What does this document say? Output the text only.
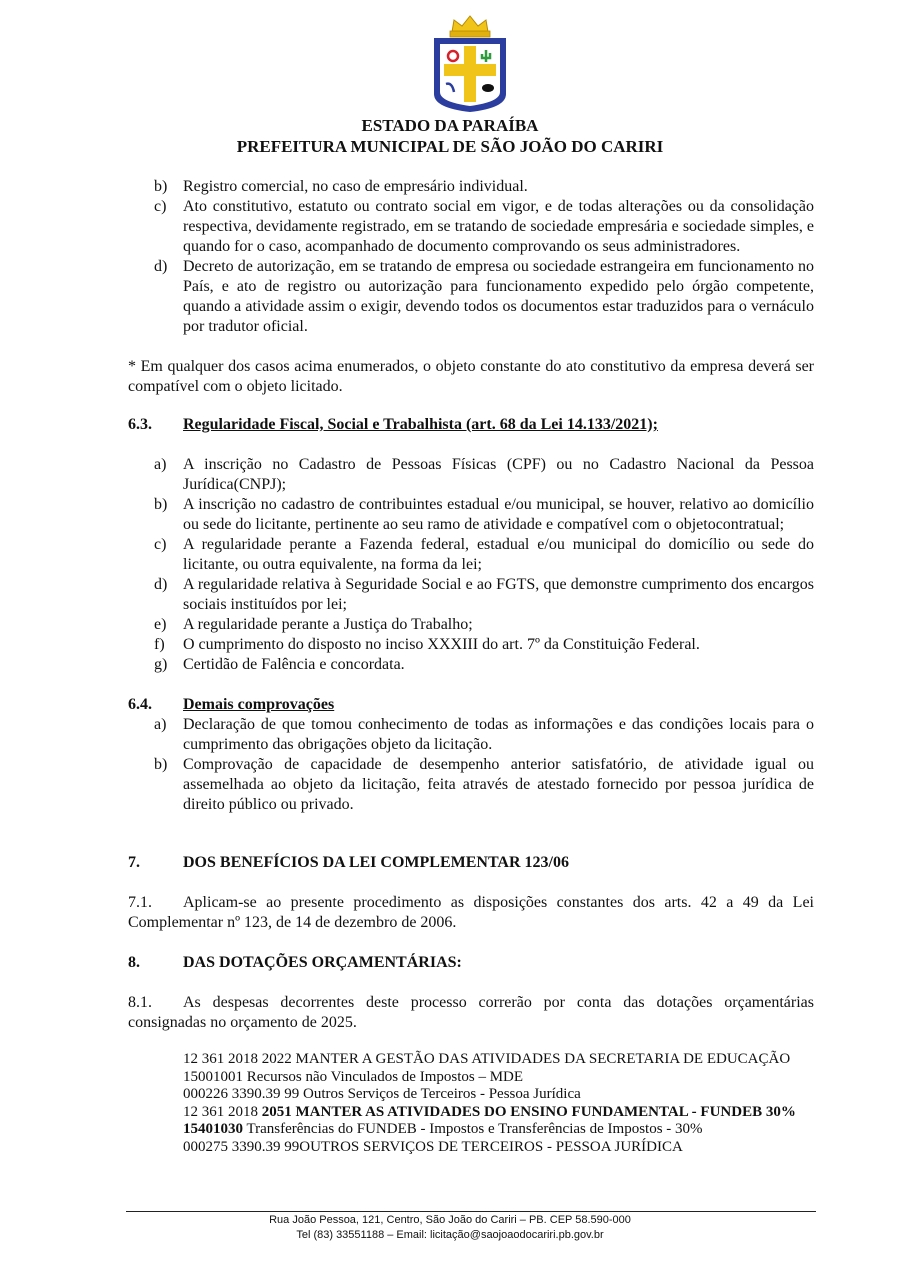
★	★
ESTADO DA PARAÍBA
PREFEITURA MUNICIPAL DE SÃO JOÃO DO CARIRI
b) Registro comercial, no caso de empresário individual.
c) Ato constitutivo, estatuto ou contrato social em vigor, e de todas alterações ou da consolidação respectiva, devidamente registrado, em se tratando de sociedade empresária e sociedade simples, e quando for o caso, acompanhado de documento comprovando os seus administradores.
d) Decreto de autorização, em se tratando de empresa ou sociedade estrangeira em funcionamento no País, e ato de registro ou autorização para funcionamento expedido pelo órgão competente, quando a atividade assim o exigir, devendo todos os documentos estar traduzidos para o vernáculo por tradutor oficial.

* Em qualquer dos casos acima enumerados, o objeto constante do ato constitutivo da empresa deverá ser compatível com o objeto licitado.

6.3. Regularidade Fiscal, Social e Trabalhista (art. 68 da Lei 14.133/2021);
a) A inscrição no Cadastro de Pessoas Físicas (CPF) ou no Cadastro Nacional da Pessoa Jurídica(CNPJ);
b) A inscrição no cadastro de contribuintes estadual e/ou municipal, se houver, relativo ao domicílio ou sede do licitante, pertinente ao seu ramo de atividade e compatível com o objetocontratual;
c) A regularidade perante a Fazenda federal, estadual e/ou municipal do domicílio ou sede do licitante, ou outra equivalente, na forma da lei;
d) A regularidade relativa à Seguridade Social e ao FGTS, que demonstre cumprimento dos encargos sociais instituídos por lei;
e) A regularidade perante a Justiça do Trabalho;
f) O cumprimento do disposto no inciso XXXIII do art. 7º da Constituição Federal.
g) Certidão de Falência e concordata.
6.4. Demais comprovações
a) Declaração de que tomou conhecimento de todas as informações e das condições locais para o cumprimento das obrigações objeto da licitação.
b) Comprovação de capacidade de desempenho anterior satisfatório, de atividade igual ou assemelhada ao objeto da licitação, feita através de atestado fornecido por pessoa jurídica de direito público ou privado.
7.	DOS BENEFÍCIOS DA LEI COMPLEMENTAR 123/06
7.1.	Aplicam-se ao presente procedimento as disposições constantes dos arts. 42 a 49 da Lei Complementar nº 123, de 14 de dezembro de 2006.

8.	DAS DOTAÇÕES ORÇAMENTÁRIAS:
8.1.	As despesas decorrentes deste processo correrão por conta das dotações orçamentárias consignadas no orçamento de 2025.

12 361 2018 2022 MANTER A GESTÃO DAS ATIVIDADES DA SECRETARIA DE EDUCAÇÃO
15001001 Recursos não Vinculados de Impostos – MDE
000226 3390.39 99 Outros Serviços de Terceiros - Pessoa Jurídica
12 361 2018 2051 MANTER AS ATIVIDADES DO ENSINO FUNDAMENTAL - FUNDEB 30%
15401030 Transferências do FUNDEB - Impostos e Transferências de Impostos - 30%
000275 3390.39 99OUTROS SERVIÇOS DE TERCEIROS - PESSOA JURÍDICA
Rua João Pessoa, 121, Centro, São João do Cariri – PB. CEP 58.590-000
Tel (83) 33551188 – Email: licitação@saojoaodocariri.pb.gov.br
